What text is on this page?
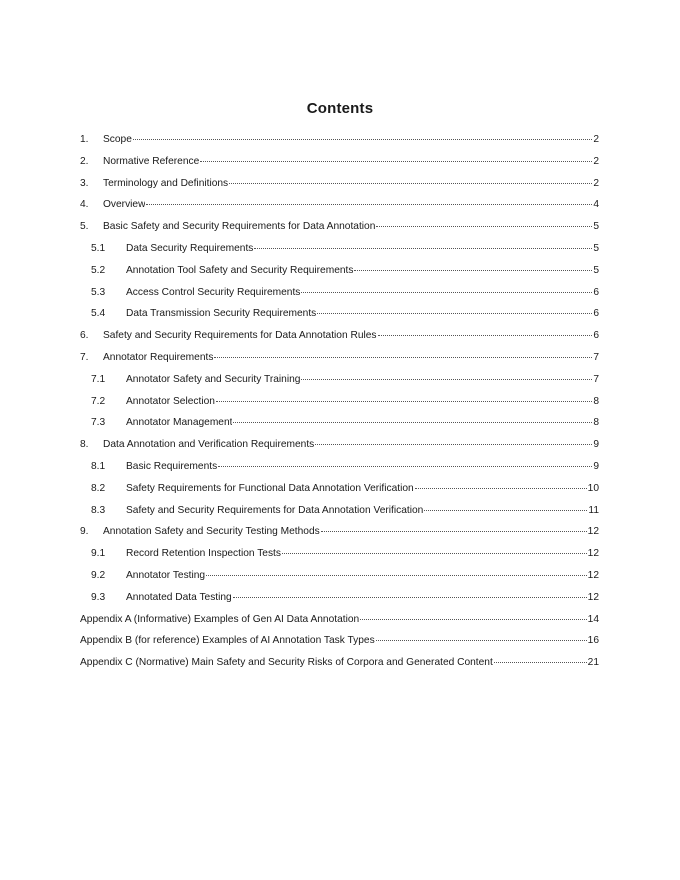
Contents
1.	Scope	2
2.	Normative Reference	2
3.	Terminology and Definitions	2
4.	Overview	4
5.	Basic Safety and Security Requirements for Data Annotation	5
5.1	Data Security Requirements	5
5.2	Annotation Tool Safety and Security Requirements	5
5.3	Access Control Security Requirements	6
5.4	Data Transmission Security Requirements	6
6.	Safety and Security Requirements for Data Annotation Rules	6
7.	Annotator Requirements	7
7.1	Annotator Safety and Security Training	7
7.2	Annotator Selection	8
7.3	Annotator Management	8
8.	Data Annotation and Verification Requirements	9
8.1	Basic Requirements	9
8.2	Safety Requirements for Functional Data Annotation Verification	10
8.3	Safety and Security Requirements for Data Annotation Verification	11
9.	Annotation Safety and Security Testing Methods	12
9.1	Record Retention Inspection Tests	12
9.2	Annotator Testing	12
9.3	Annotated Data Testing	12
Appendix A (Informative) Examples of Gen AI Data Annotation	14
Appendix B (for reference) Examples of AI Annotation Task Types	16
Appendix C (Normative) Main Safety and Security Risks of Corpora and Generated Content	21
